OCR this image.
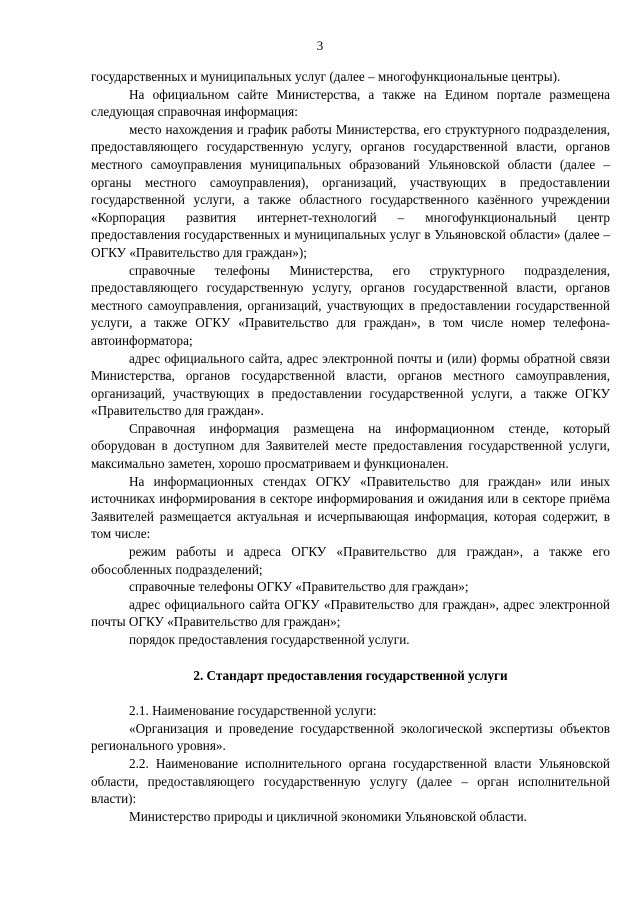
3

государственных и муниципальных услуг (далее – многофункциональные центры).

На официальном сайте Министерства, а также на Едином портале размещена следующая справочная информация:

место нахождения и график работы Министерства, его структурного подразделения, предоставляющего государственную услугу, органов государственной власти, органов местного самоуправления муниципальных образований Ульяновской области (далее – органы местного самоуправления), организаций, участвующих в предоставлении государственной услуги, а также областного государственного казённого учреждении «Корпорация развития интернет-технологий – многофункциональный центр предоставления государственных и муниципальных услуг в Ульяновской области» (далее – ОГКУ «Правительство для граждан»);

справочные телефоны Министерства, его структурного подразделения, предоставляющего государственную услугу, органов государственной власти, органов местного самоуправления, организаций, участвующих в предоставлении государственной услуги, а также ОГКУ «Правительство для граждан», в том числе номер телефона-автоинформатора;

адрес официального сайта, адрес электронной почты и (или) формы обратной связи Министерства, органов государственной власти, органов местного самоуправления, организаций, участвующих в предоставлении государственной услуги, а также ОГКУ «Правительство для граждан».

Справочная информация размещена на информационном стенде, который оборудован в доступном для Заявителей месте предоставления государственной услуги, максимально заметен, хорошо просматриваем и функционален.

На информационных стендах ОГКУ «Правительство для граждан» или иных источниках информирования в секторе информирования и ожидания или в секторе приёма Заявителей размещается актуальная и исчерпывающая информация, которая содержит, в том числе:

режим работы и адреса ОГКУ «Правительство для граждан», а также его обособленных подразделений;

справочные телефоны ОГКУ «Правительство для граждан»;

адрес официального сайта ОГКУ «Правительство для граждан», адрес электронной почты ОГКУ «Правительство для граждан»;

порядок предоставления государственной услуги.

2. Стандарт предоставления государственной услуги

2.1. Наименование государственной услуги:

«Организация и проведение государственной экологической экспертизы объектов регионального уровня».

2.2. Наименование исполнительного органа государственной власти Ульяновской области, предоставляющего государственную услугу (далее – орган исполнительной власти):

Министерство природы и цикличной экономики Ульяновской области.
